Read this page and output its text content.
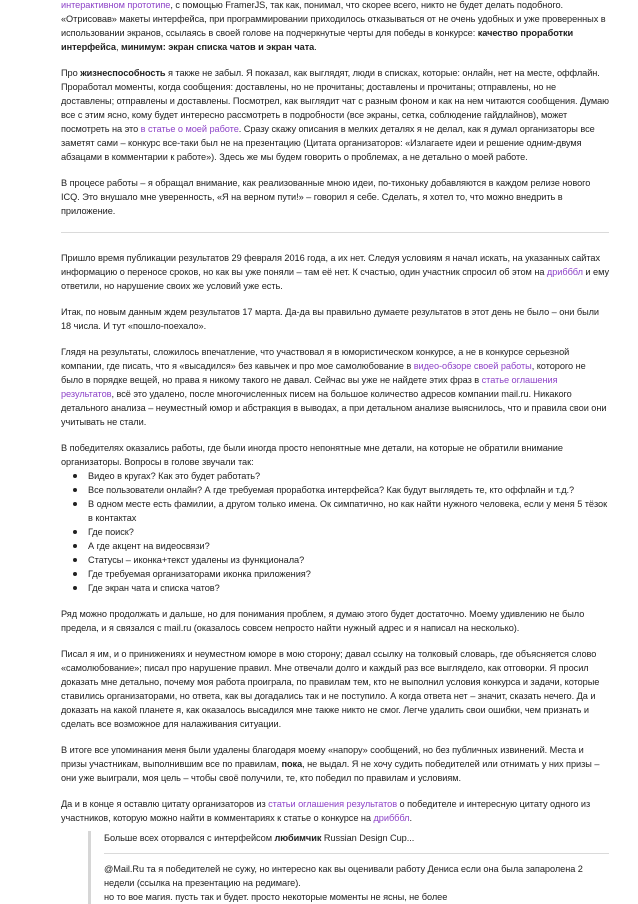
интерактивном прототипе, с помощью FramerJS, так как, понимал, что скорее всего, никто не будет делать подобного. «Отрисовав» макеты интерфейса, при программировании приходилось отказываться от не очень удобных и уже проверенных в использовании экранов, ссылаясь в своей голове на подчеркнутые черты для победы в конкурсе: качество проработки интерфейса, минимум: экран списка чатов и экран чата.

Про жизнеспособность я также не забыл. Я показал, как выглядят, люди в списках, которые: онлайн, нет на месте, оффлайн. Проработал моменты, когда сообщения: доставлены, но не прочитаны; доставлены и прочитаны; отправлены, но не доставлены; отправлены и доставлены. Посмотрел, как выглядит чат с разным фоном и как на нем читаются сообщения. Думаю все с этим ясно, кому будет интересно рассмотреть в подробности (все экраны, сетка, соблюдение гайдлайнов), может посмотреть на это в статье о моей работе. Сразу скажу описания в мелких деталях я не делал, как я думал организаторы все заметят сами – конкурс все-таки был не на презентацию (Цитата организаторов: «Излагаете идеи и решение одним-двумя абзацами в комментарии к работе»). Здесь же мы будем говорить о проблемах, а не детально о моей работе.

В процесе работы – я обращал внимание, как реализованные мною идеи, по-тихоньку добавляются в каждом релизе нового ICQ. Это внушало мне уверенность, «Я на верном пути!» – говорил я себе. Сделать, я хотел то, что можно внедрить в приложение.

Пришло время публикации результатов 29 февраля 2016 года, а их нет. Следуя условиям я начал искать, на указанных сайтах информацию о переносе сроков, но как вы уже поняли – там её нет. К счастью, один участник спросил об этом на дрибббл и ему ответили, но нарушение своих же условий уже есть.

Итак, по новым данным ждем результатов 17 марта. Да-да вы правильно думаете результатов в этот день не было – они были 18 числа. И тут «пошло-поехало».

Глядя на результаты, сложилось впечатление, что участвовал я в юмористическом конкурсе, а не в конкурсе серьезной компании, где писать, что я «высадился» без кавычек и про мое самолюбование в видео-обзоре своей работы, которого не было в порядке вещей, но права я никому такого не давал. Сейчас вы уже не найдете этих фраз в статье оглашения результатов, всё это удалено, после многочисленных писем на большое количество адресов компании mail.ru. Никакого детального анализа – неуместный юмор и абстракция в выводах, а при детальном анализе выяснилось, что и правила свои они учитывать не стали.

В победителях оказались работы, где были иногда просто непонятные мне детали, на которые не обратили внимание организаторы. Вопросы в голове звучали так:

Видео в кругах? Как это будет работать?
Все пользователи онлайн? А где требуемая проработка интерфейса? Как будут выглядеть те, кто оффлайн и т.д.?
В одном месте есть фамилии, а другом только имена. Ок симпатично, но как найти нужного человека, если у меня 5 тёзок в контактах
Где поиск?
А где акцент на видеосвязи?
Статусы – иконка+текст удалены из функционала?
Где требуемая организаторами иконка приложения?
Где экран чата и списка чатов?

Ряд можно продолжать и дальше, но для понимания проблем, я думаю этого будет достаточно. Моему удивлению не было предела, и я связался с mail.ru (оказалось совсем непросто найти нужный адрес и я написал на несколько).

Писал я им, и о принижениях и неуместном юморе в мою сторону; давал ссылку на толковый словарь, где объясняется слово «самолюбование»; писал про нарушение правил. Мне отвечали долго и каждый раз все выглядело, как отговорки. Я просил доказать мне детально, почему моя работа проиграла, по правилам тем, кто не выполнил условия конкурса и задачи, которые ставились организаторами, но ответа, как вы догадались так и не поступило. А когда ответа нет – значит, сказать нечего. Да и доказать на какой планете я, как оказалось высадился мне также никто не смог. Легче удалить свои ошибки, чем признать и сделать все возможное для налаживания ситуации.

В итоге все упоминания меня были удалены благодаря моему «напору» сообщений, но без публичных извинений. Места и призы участникам, выполнившим все по правилам, пока, не выдал. Я не хочу судить победителей или отнимать у них призы – они уже выиграли, моя цель – чтобы своё получили, те, кто победил по правилам и условиям.

Да и в конце я оставлю цитату организаторов из статьи оглашения результатов о победителе и интересную цитату одного из участников, которую можно найти в комментариях к статье о конкурсе на дрибббл.

Больше всех оторвался с интерфейсом любимчик Russian Design Cup...

@Mail.Ru та я победителей не сужу, но интересно как вы оценивали работу Дениса если она была запаролена 2 недели (ссылка на презентацию на редимаге).

но то вое магия. пусть так и будет. просто некоторые моменты не ясны, не более
